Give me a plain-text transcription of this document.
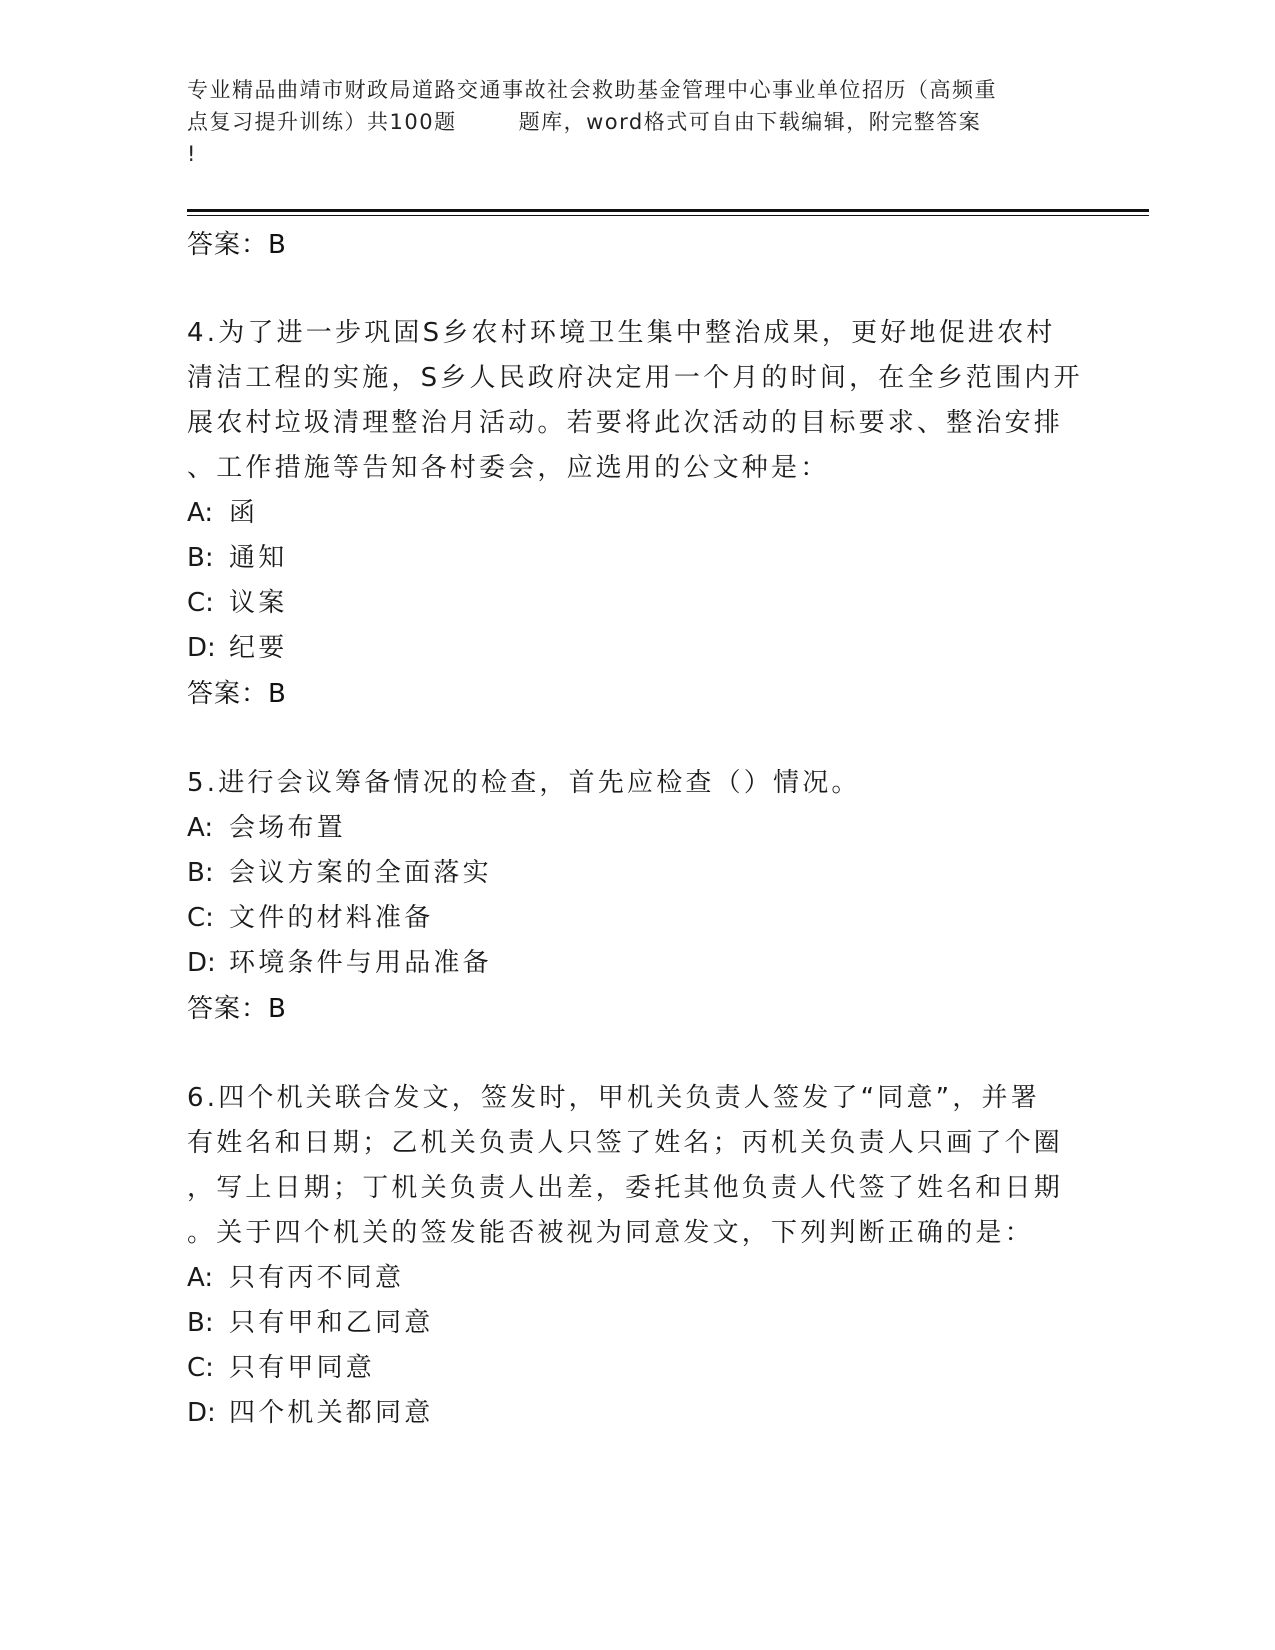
专业精品曲靖市财政局道路交通事故社会救助基金管理中心事业单位招历（高频重
点复习提升训练）共100题	题库，word格式可自由下载编辑，附完整答案
!
答案：B
4.为了进一步巩固S乡农村环境卫生集中整治成果，更好地促进农村
清洁工程的实施，S乡人民政府决定用一个月的时间，在全乡范围内开
展农村垃圾清理整治月活动。若要将此次活动的目标要求、整治安排
、工作措施等告知各村委会，应选用的公文种是：
A: 函
B: 通知
C: 议案
D: 纪要
答案：B
5.进行会议筹备情况的检查，首先应检查（）情况。
A: 会场布置
B: 会议方案的全面落实
C: 文件的材料准备
D: 环境条件与用品准备
答案：B
6.四个机关联合发文，签发时，甲机关负责人签发了“同意”，并署
有姓名和日期；乙机关负责人只签了姓名；丙机关负责人只画了个圈
，写上日期；丁机关负责人出差，委托其他负责人代签了姓名和日期
。关于四个机关的签发能否被视为同意发文，下列判断正确的是：
A: 只有丙不同意
B: 只有甲和乙同意
C: 只有甲同意
D: 四个机关都同意
